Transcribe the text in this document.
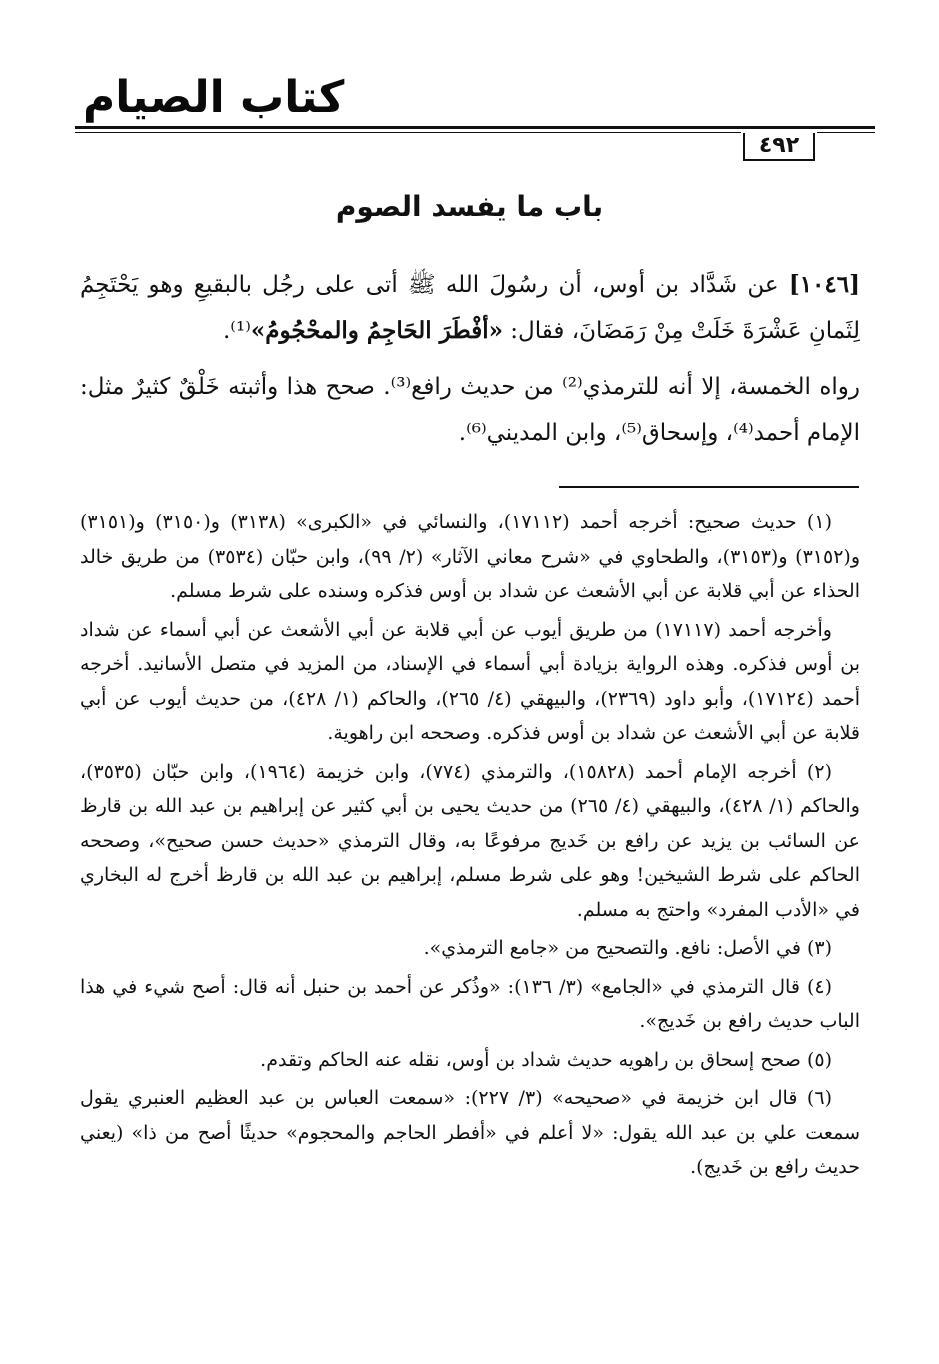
كتاب الصيام
٤٩٢
باب ما يفسد الصوم

[١٠٤٦] عن شَدَّاد بن أوس، أن رسُولَ الله ﷺ أتى على رجُل بالبقيعِ وهو يَحْتَجِمُ لِثَمانِ عَشْرَةَ خَلَتْ مِنْ رَمَضَانَ، فقال: «أفْطَرَ الحَاجِمُ والمحْجُومُ»⁽¹⁾.

رواه الخمسة، إلا أنه للترمذي⁽²⁾ من حديث رافع⁽³⁾. صحح هذا وأثبته خَلْقٌ كثيرٌ مثل: الإمام أحمد⁽⁴⁾، وإسحاق⁽⁵⁾، وابن المديني⁽⁶⁾.

(١) حديث صحيح: أخرجه أحمد (١٧١١٢)، والنسائي في «الكبرى» (٣١٣٨) و(٣١٥٠) و(٣١٥١) و(٣١٥٢) و(٣١٥٣)، والطحاوي في «شرح معاني الآثار» (٢/ ٩٩)، وابن حبّان (٣٥٣٤) من طريق خالد الحذاء عن أبي قلابة عن أبي الأشعث عن شداد بن أوس فذكره وسنده على شرط مسلم.

وأخرجه أحمد (١٧١١٧) من طريق أيوب عن أبي قلابة عن أبي الأشعث عن أبي أسماء عن شداد بن أوس فذكره. وهذه الرواية بزيادة أبي أسماء في الإسناد، من المزيد في متصل الأسانيد. أخرجه أحمد (١٧١٢٤)، وأبو داود (٢٣٦٩)، والبيهقي (٤/ ٢٦٥)، والحاكم (١/ ٤٢٨)، من حديث أيوب عن أبي قلابة عن أبي الأشعث عن شداد بن أوس فذكره. وصححه ابن راهوية.

(٢) أخرجه الإمام أحمد (١٥٨٢٨)، والترمذي (٧٧٤)، وابن خزيمة (١٩٦٤)، وابن حبّان (٣٥٣٥)، والحاكم (١/ ٤٢٨)، والبيهقي (٤/ ٢٦٥) من حديث يحيى بن أبي كثير عن إبراهيم بن عبد الله بن قارظ عن السائب بن يزيد عن رافع بن خَديج مرفوعًا به، وقال الترمذي «حديث حسن صحيح»، وصححه الحاكم على شرط الشيخين! وهو على شرط مسلم، إبراهيم بن عبد الله بن قارظ أخرج له البخاري في «الأدب المفرد» واحتج به مسلم.

(٣) في الأصل: نافع. والتصحيح من «جامع الترمذي».

(٤) قال الترمذي في «الجامع» (٣/ ١٣٦): «وذُكر عن أحمد بن حنبل أنه قال: أصح شيء في هذا الباب حديث رافع بن خَديج».

(٥) صحح إسحاق بن راهويه حديث شداد بن أوس، نقله عنه الحاكم وتقدم.

(٦) قال ابن خزيمة في «صحيحه» (٣/ ٢٢٧): «سمعت العباس بن عبد العظيم العنبري يقول سمعت علي بن عبد الله يقول: «لا أعلم في «أفطر الحاجم والمحجوم» حديثًا أصح من ذا» (يعني حديث رافع بن خَديج).
